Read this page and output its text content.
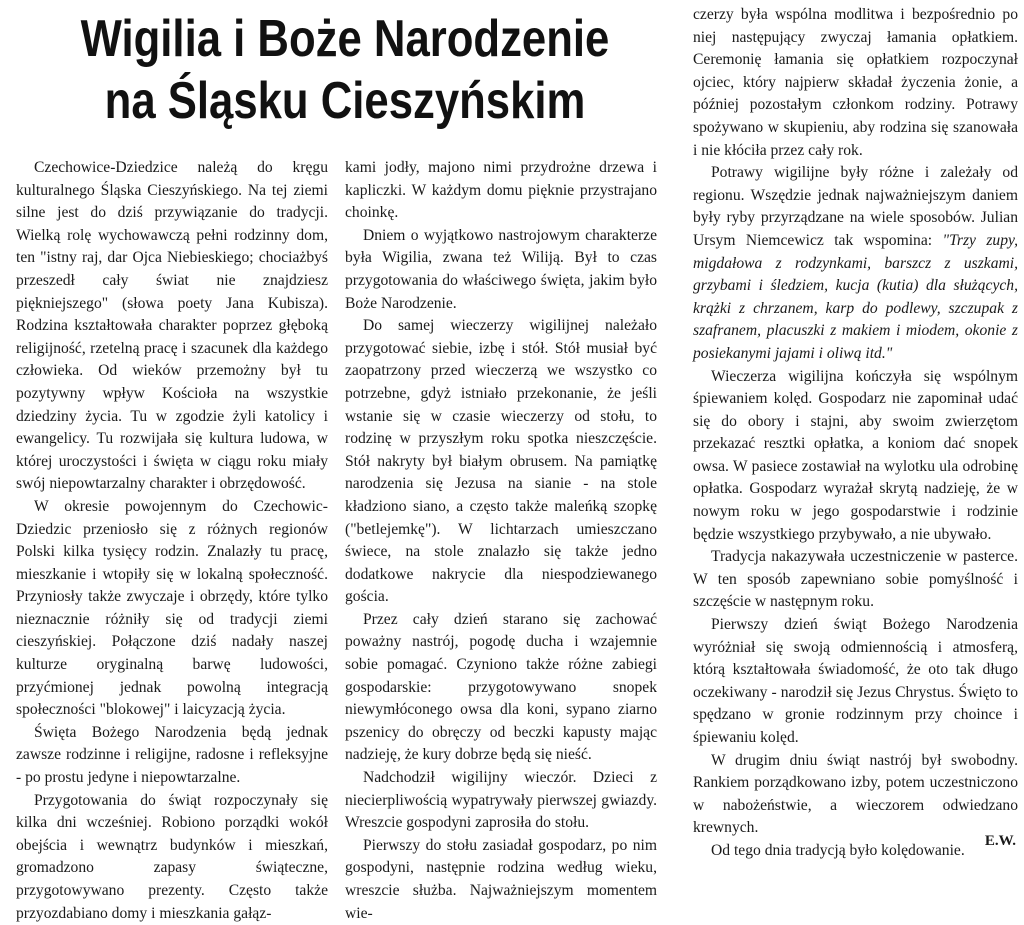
Wigilia i Boże Narodzenie
na Śląsku Cieszyńskim

Czechowice-Dziedzice należą do kręgu kulturalnego Śląska Cieszyńskiego. Na tej ziemi silne jest do dziś przywiązanie do tradycji. Wielką rolę wychowawczą pełni rodzinny dom, ten "istny raj, dar Ojca Niebieskiego; chociażbyś przeszedł cały świat nie znajdziesz piękniejszego" (słowa poety Jana Kubisza). Rodzina kształtowała charakter poprzez głęboką religijność, rzetelną pracę i szacunek dla każdego człowieka. Od wieków przemożny był tu pozytywny wpływ Kościoła na wszystkie dziedziny życia. Tu w zgodzie żyli katolicy i ewangelicy. Tu rozwijała się kultura ludowa, w której uroczystości i święta w ciągu roku miały swój niepowtarzalny charakter i obrzędowość.

W okresie powojennym do Czechowic-Dziedzic przeniosło się z różnych regionów Polski kilka tysięcy rodzin. Znalazły tu pracę, mieszkanie i wtopiły się w lokalną społeczność. Przyniosły także zwyczaje i obrzędy, które tylko nieznacznie różniły się od tradycji ziemi cieszyńskiej. Połączone dziś nadały naszej kulturze oryginalną barwę ludowości, przyćmionej jednak powolną integracją społeczności "blokowej" i laicyzacją życia.

Święta Bożego Narodzenia będą jednak zawsze rodzinne i religijne, radosne i refleksyjne - po prostu jedyne i niepowtarzalne.

Przygotowania do świąt rozpoczynały się kilka dni wcześniej. Robiono porządki wokół obejścia i wewnątrz budynków i mieszkań, gromadzono zapasy świąteczne, przygotowywano prezenty. Często także przyozdabiano domy i mieszkania gałąz-

kami jodły, majono nimi przydrożne drzewa i kapliczki. W każdym domu pięknie przystrajano choinkę.

Dniem o wyjątkowo nastrojowym charakterze była Wigilia, zwana też Wiliją. Był to czas przygotowania do właściwego święta, jakim było Boże Narodzenie.

Do samej wieczerzy wigilijnej należało przygotować siebie, izbę i stół. Stół musiał być zaopatrzony przed wieczerzą we wszystko co potrzebne, gdyż istniało przekonanie, że jeśli wstanie się w czasie wieczerzy od stołu, to rodzinę w przyszłym roku spotka nieszczęście. Stół nakryty był białym obrusem. Na pamiątkę narodzenia się Jezusa na sianie - na stole kładziono siano, a często także maleńką szopkę ("betlejemkę"). W lichtarzach umieszczano świece, na stole znalazło się także jedno dodatkowe nakrycie dla niespodziewanego gościa.

Przez cały dzień starano się zachować poważny nastrój, pogodę ducha i wzajemnie sobie pomagać. Czyniono także różne zabiegi gospodarskie: przygotowywano snopek niewymłóconego owsa dla koni, sypano ziarno pszenicy do obręczy od beczki kapusty mając nadzieję, że kury dobrze będą się nieść.

Nadchodził wigilijny wieczór. Dzieci z niecierpliwością wypatrywały pierwszej gwiazdy. Wreszcie gospodyni zaprosiła do stołu.

Pierwszy do stołu zasiadał gospodarz, po nim gospodyni, następnie rodzina według wieku, wreszcie służba. Najważniejszym momentem wie-

czerzy była wspólna modlitwa i bezpośrednio po niej następujący zwyczaj łamania opłatkiem. Ceremonię łamania się opłatkiem rozpoczynał ojciec, który najpierw składał życzenia żonie, a później pozostałym członkom rodziny. Potrawy spożywano w skupieniu, aby rodzina się szanowała i nie kłóciła przez cały rok.

Potrawy wigilijne były różne i zależały od regionu. Wszędzie jednak najważniejszym daniem były ryby przyrządzane na wiele sposobów. Julian Ursym Niemcewicz tak wspomina: "Trzy zupy, migdałowa z rodzynkami, barszcz z uszkami, grzybami i śledziem, kucja (kutia) dla służących, krążki z chrzanem, karp do podlewy, szczupak z szafranem, placuszki z makiem i miodem, okonie z posiekanymi jajami i oliwą itd."

Wieczerza wigilijna kończyła się wspólnym śpiewaniem kolęd. Gospodarz nie zapominał udać się do obory i stajni, aby swoim zwierzętom przekazać resztki opłatka, a koniom dać snopek owsa. W pasiece zostawiał na wylotku ula odrobinę opłatka. Gospodarz wyrażał skrytą nadzieję, że w nowym roku w jego gospodarstwie i rodzinie będzie wszystkiego przybywało, a nie ubywało.

Tradycja nakazywała uczestniczenie w pasterce. W ten sposób zapewniano sobie pomyślność i szczęście w następnym roku.

Pierwszy dzień świąt Bożego Narodzenia wyróżniał się swoją odmiennością i atmosferą, którą kształtowała świadomość, że oto tak długo oczekiwany - narodził się Jezus Chrystus. Święto to spędzano w gronie rodzinnym przy choince i śpiewaniu kolęd.

W drugim dniu świąt nastrój był swobodny. Rankiem porządkowano izby, potem uczestniczono w nabożeństwie, a wieczorem odwiedzano krewnych.

Od tego dnia tradycją było kolędowanie.

E.W.
